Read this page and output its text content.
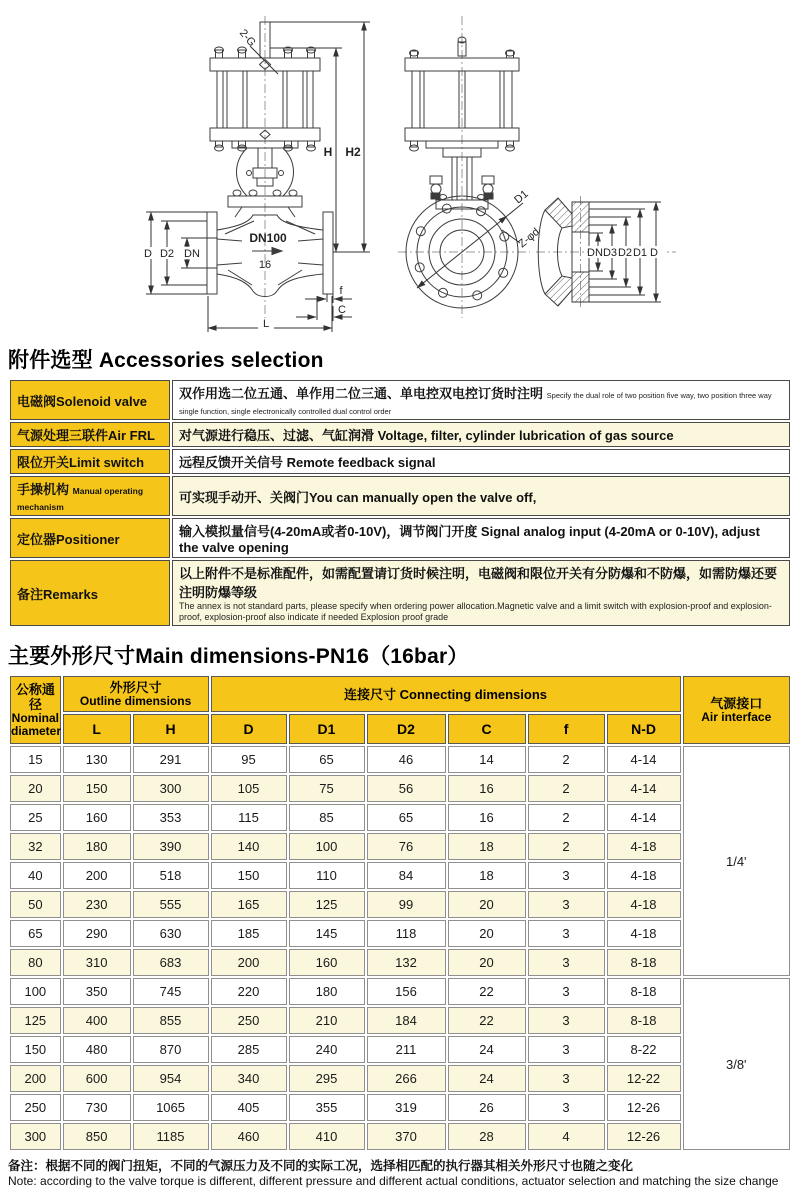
DN100
16
D D2 DN
H H2
2-G
f
C
L
D1
Z-φd
DN D3 D2 D1 D
附件选型 Accessories selection
电磁阀Solenoid valve	双作用选二位五通、单作用二位三通、单电控双电控订货时注明 Specify the dual role of two position five way, two position three way single function, single electronically controlled dual control order
气源处理三联件Air FRL	对气源进行稳压、过滤、气缸润滑 Voltage, filter, cylinder lubrication of gas source
限位开关Limit switch	远程反馈开关信号 Remote feedback signal
手操机构 Manual operating mechanism	可实现手动开、关阀门You can manually open the valve off,
定位器Positioner	输入模拟量信号(4-20mA或者0-10V)，调节阀门开度 Signal analog input (4-20mA or 0-10V), adjust the valve opening
备注Remarks	以上附件不是标准配件，如需配置请订货时候注明，电磁阀和限位开关有分防爆和不防爆，如需防爆还要注明防爆等级
The annex is not standard parts, please specify when ordering power allocation.Magnetic valve and a limit switch with explosion-proof and explosion-proof, explosion-proof also indicate if needed Explosion proof grade
主要外形尺寸Main dimensions-PN16（16bar）
公称通径
Nominal
diameter	外形尺寸
Outline dimensions		连接尺寸 Connecting dimensions						气源接口
Air interface

	L	H	D	D1	D2	C	f	N-D	
15	130	291	95	65	46	14	2	4-14	1/4'
20	150	300	105	75	56	16	2	4-14	
25	160	353	115	85	65	16	2	4-14	
32	180	390	140	100	76	18	2	4-18	
40	200	518	150	110	84	18	3	4-18	
50	230	555	165	125	99	20	3	4-18	
65	290	630	185	145	118	20	3	4-18	
80	310	683	200	160	132	20	3	8-18	
100	350	745	220	180	156	22	3	8-18	3/8'
125	400	855	250	210	184	22	3	8-18	
150	480	870	285	240	211	24	3	8-22	
200	600	954	340	295	266	24	3	12-22	
250	730	1065	405	355	319	26	3	12-26	
300	850	1185	460	410	370	28	4	12-26	
备注：根据不同的阀门扭矩，不同的气源压力及不同的实际工况，选择相匹配的执行器其相关外形尺寸也随之变化
Note: according to the valve torque is different, different pressure and different actual conditions, actuator selection and matching the size change
